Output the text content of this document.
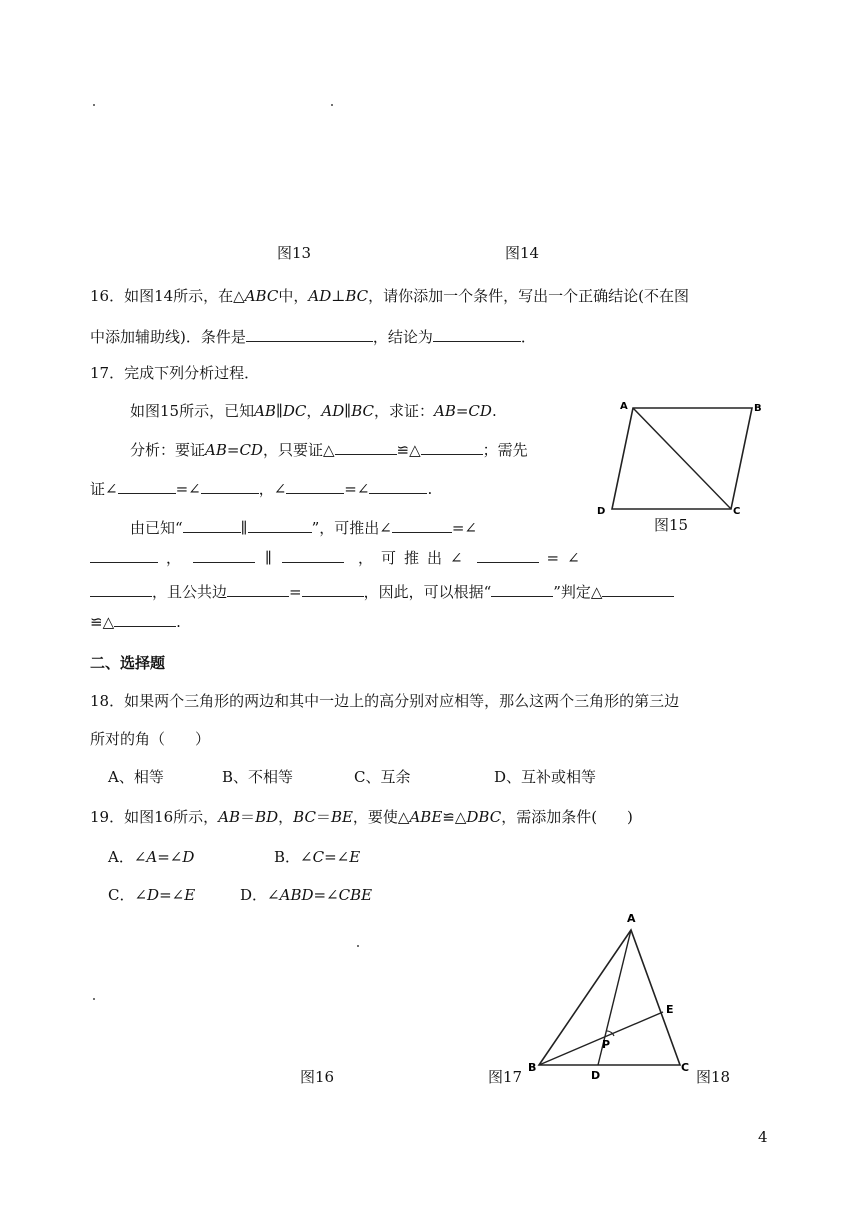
图13	图14
16．如图14所示，在△ABC中，AD⊥BC，请你添加一个条件，写出一个正确结论(不在图
中添加辅助线)．条件是	，结论为	．
17．完成下列分析过程．
如图15所示，已知AB∥DC，AD∥BC，求证：AB=CD.
分析：要证AB=CD，只要证△	≌△	；需先
证∠	=∠	，∠	=∠	.
由已知“	∥	”，可推出∠	=∠
，	∥	，可推出∠	=∠
，且公共边	=	，因此，可以根据“	”判定△
≌△	.
A	B
C
D
图15
二、选择题
18．如果两个三角形的两边和其中一边上的高分别对应相等，那么这两个三角形的第三边
所对的角（　　）
A、相等	B、不相等	C、互余	D、互补或相等
19．如图16所示，AB＝BD，BC＝BE，要使△ABE≌△DBC，需添加条件(　　)
A．∠A=∠D	B．∠C=∠E
C．∠D=∠E	D．∠ABD=∠CBE
A
B	C
D
E
P
图16	图17	图18
4
